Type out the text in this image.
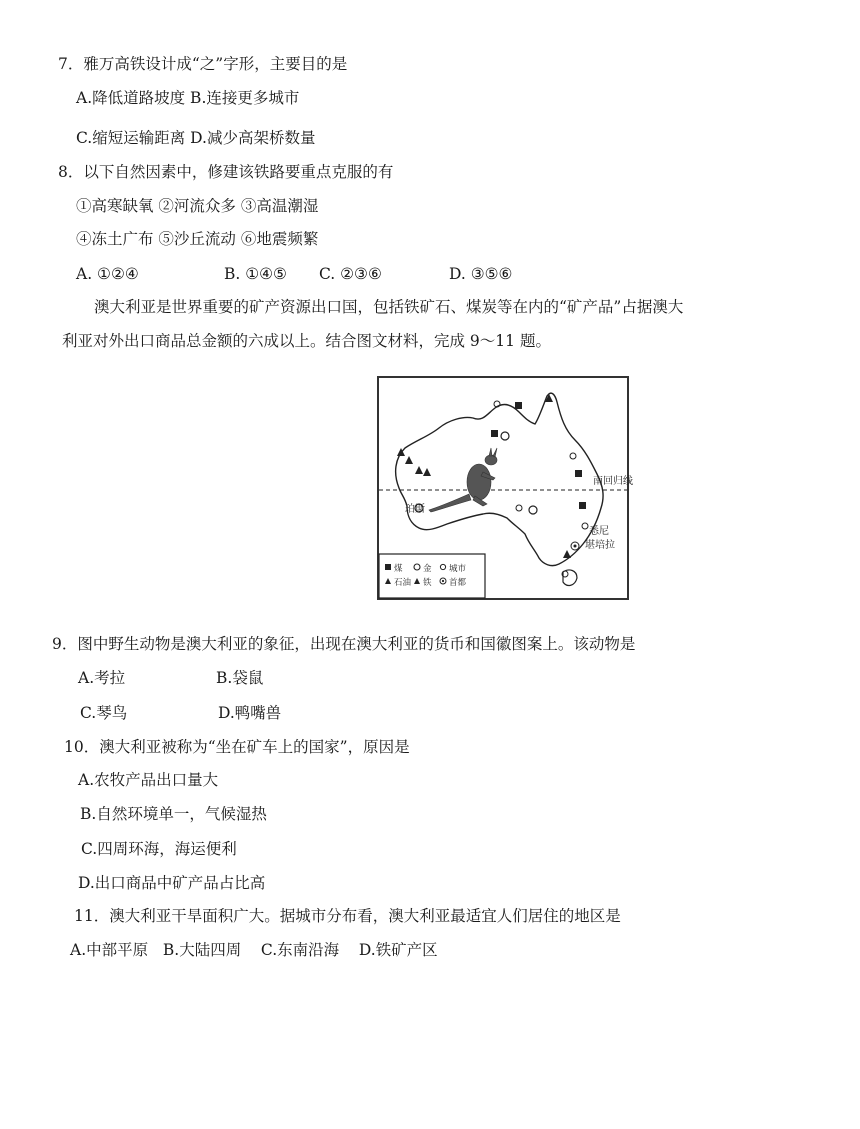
7．雅万高铁设计成“之”字形，主要目的是
A.降低道路坡度 B.连接更多城市
C.缩短运输距离 D.减少高架桥数量
8．以下自然因素中，修建该铁路要重点克服的有
①高寒缺氧 ②河流众多 ③高温潮湿
④冻土广布 ⑤沙丘流动 ⑥地震频繁
A. ①②④	B. ①④⑤ C. ②③⑥	D. ③⑤⑥
澳大利亚是世界重要的矿产资源出口国，包括铁矿石、煤炭等在内的“矿产品”占据澳大
利亚对外出口商品总金额的六成以上。结合图文材料，完成 9～11 题。
南回归线
珀斯
悉尼
堪培拉
煤 金 城市
石油 铁 首都
9．图中野生动物是澳大利亚的象征，出现在澳大利亚的货币和国徽图案上。该动物是
A.考拉	B.袋鼠
C.琴鸟	D.鸭嘴兽
10．澳大利亚被称为“坐在矿车上的国家”，原因是
A.农牧产品出口量大
B.自然环境单一，气候湿热
C.四周环海，海运便利
D.出口商品中矿产品占比高
11．澳大利亚干旱面积广大。据城市分布看，澳大利亚最适宜人们居住的地区是
A.中部平原   B.大陆四周    C.东南沿海    D.铁矿产区
